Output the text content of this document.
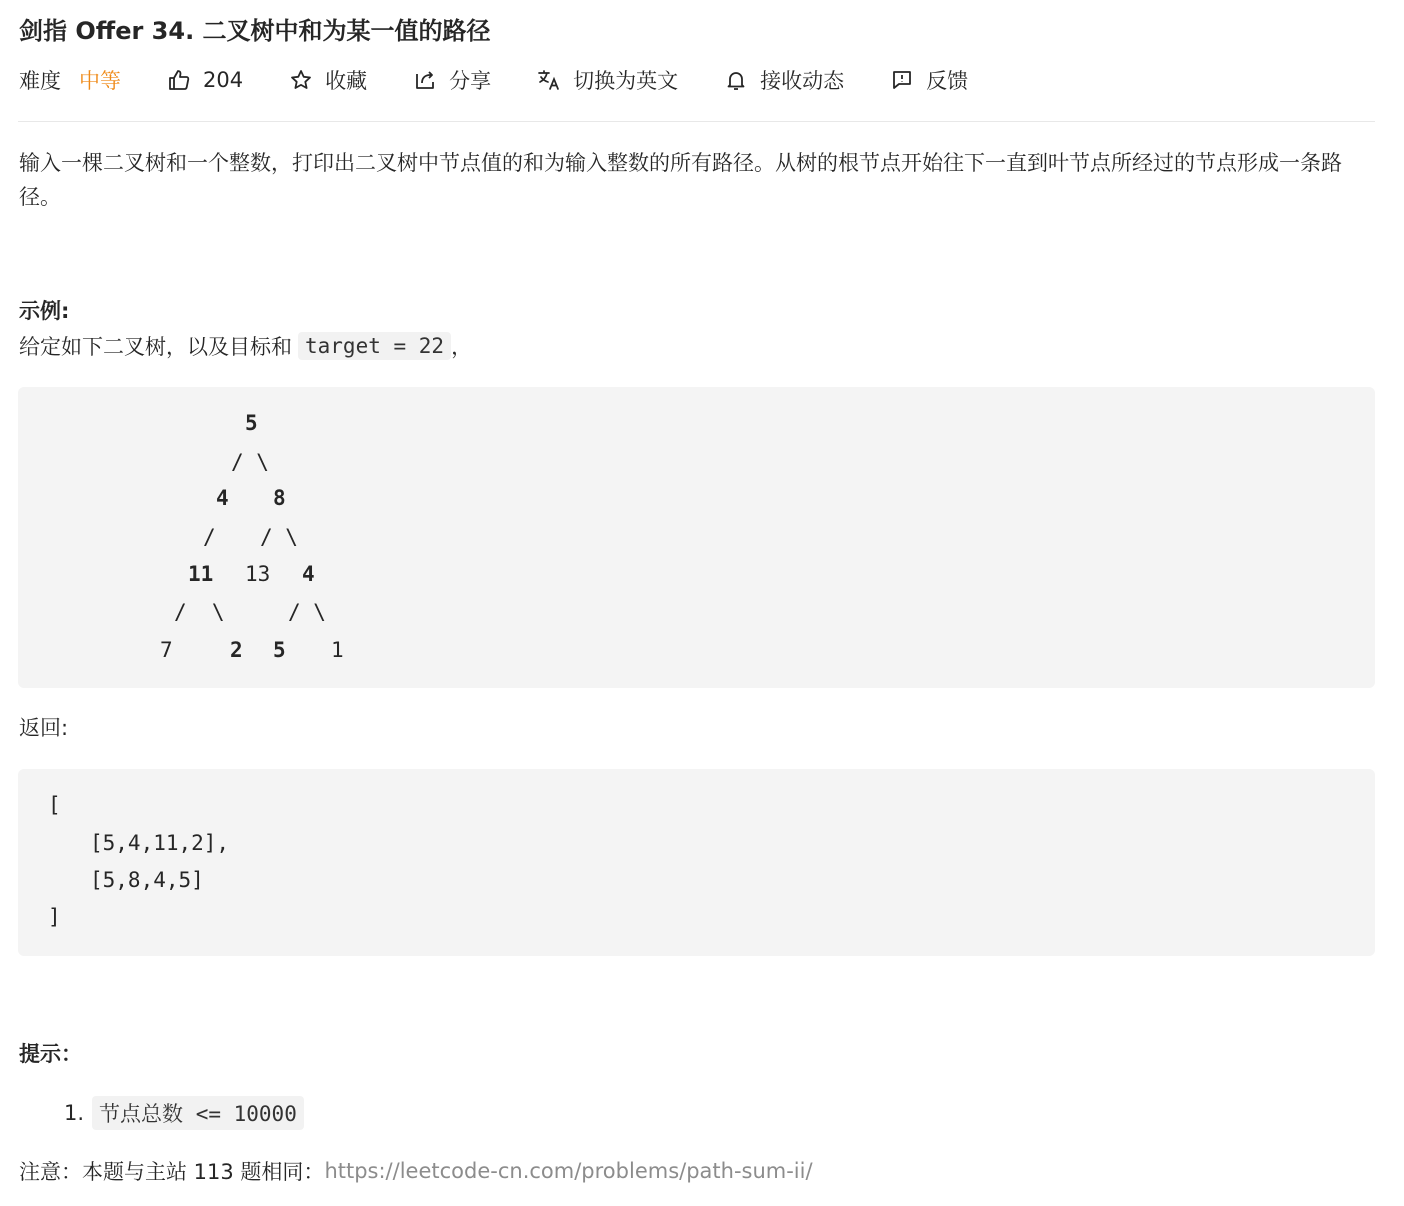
剑指 Offer 34. 二叉树中和为某一值的路径
难度 中等	204	收藏	分享	切换为英文	接收动态	反馈
输入一棵二叉树和一个整数，打印出二叉树中节点值的和为输入整数的所有路径。从树的根节点开始往下一直到叶节点所经过的节点形成一条路径。
示例:
给定如下二叉树，以及目标和 target = 22 ，
5
/ \
4 8
/ / \
11 13 4
/  \	/ \
7	2 5 1
返回:
[
[5,4,11,2],
[5,8,4,5]
]
提示：
1. 节点总数 <= 10000
注意：本题与主站 113 题相同： https://leetcode-cn.com/problems/path-sum-ii/
